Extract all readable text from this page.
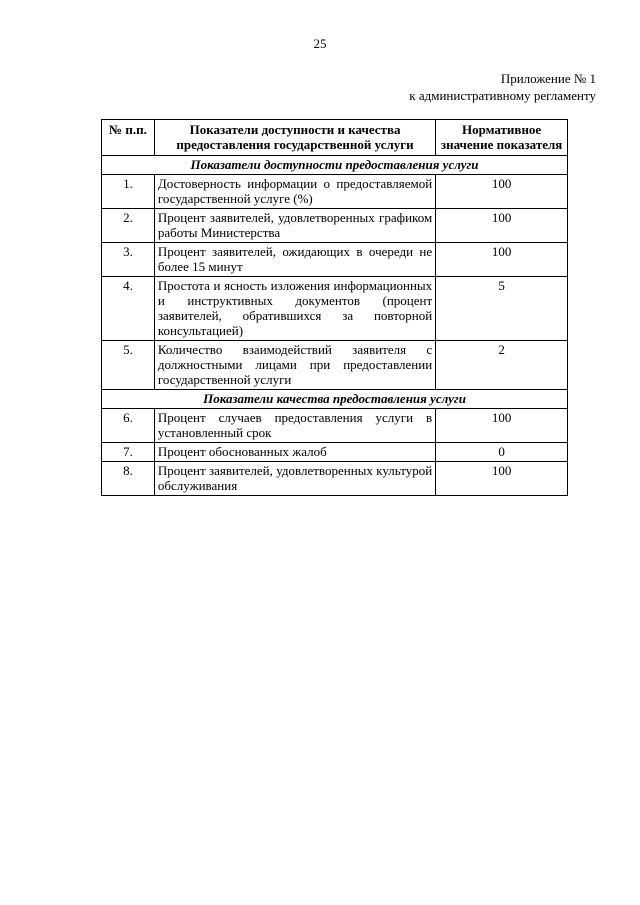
25
Приложение № 1
к административному регламенту
№ п.п.	Показатели доступности и качества предоставления государственной услуги	Нормативное значение показателя
Показатели доступности предоставления услуги		
1.	Достоверность информации о предоставляемой государственной услуге (%)	100
2.	Процент заявителей, удовлетворенных графиком работы Министерства	100
3.	Процент заявителей, ожидающих в очереди не более 15 минут	100
4.	Простота и ясность изложения информационных и инструктивных документов (процент заявителей, обратившихся за повторной консультацией)	5
5.	Количество взаимодействий заявителя с должностными лицами при предоставлении государственной услуги	2
Показатели качества предоставления услуги		
6.	Процент случаев предоставления услуги в установленный срок	100
7.	Процент обоснованных жалоб	0
8.	Процент заявителей, удовлетворенных культурой обслуживания	100
